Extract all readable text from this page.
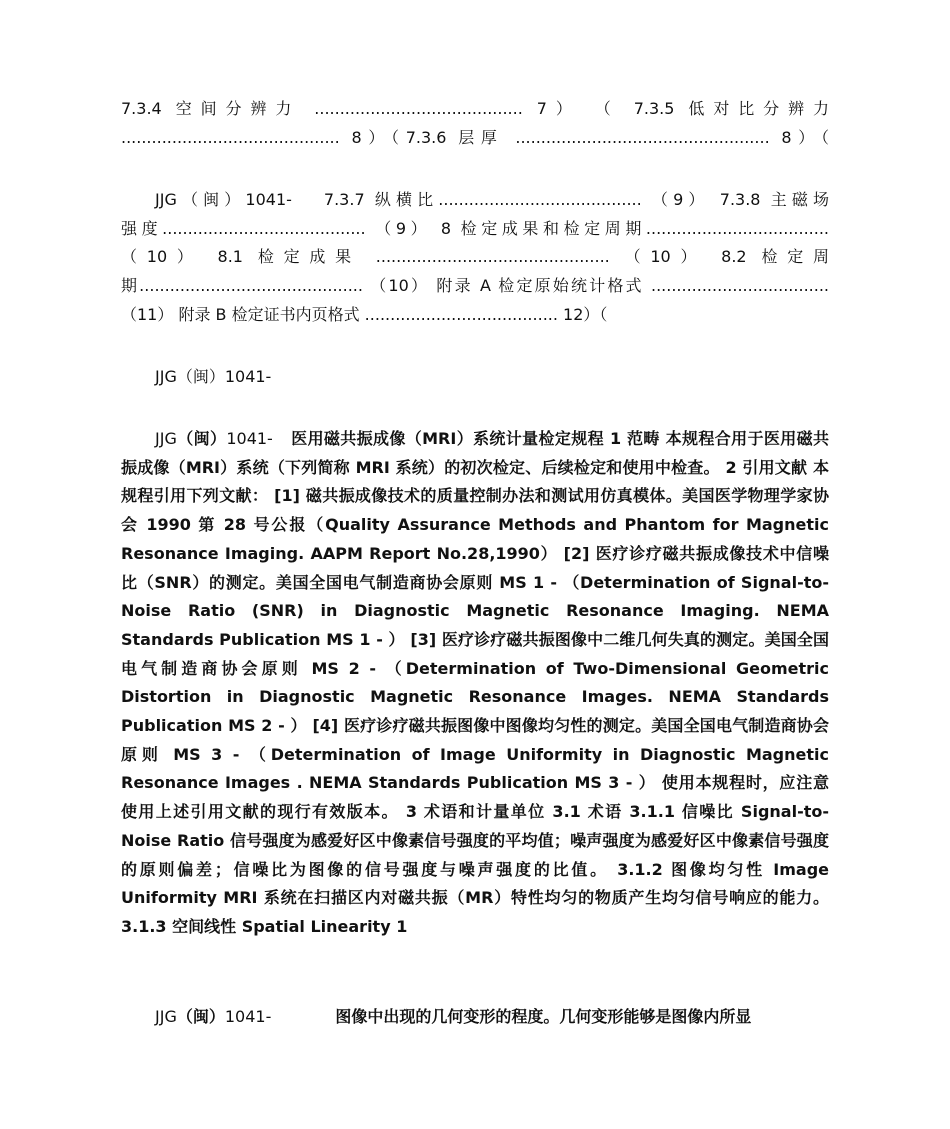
7.3.4 空间分辨力 ......................................... 7） （ 7.3.5 低对比分辨力
........................................... 8）（7.3.6 层厚 .................................................. 8）（
JJG（闽）1041- 7.3.7 纵横比........................................ （9） 7.3.8 主磁场
强度........................................ （9） 8 检定成果和检定周期....................................
（10） 8.1 检定成果 .............................................. （10） 8.2 检定周
期............................................ （10） 附录 A 检定原始统计格式 ...................................
（11） 附录 B 检定证书内页格式 ...................................... 12）（
JJG（闽）1041-
JJG（闽）1041- 医用磁共振成像（MRI）系统计量检定规程 1 范畴 本规程合用于医用磁共振成像（MRI）系统（下列简称 MRI 系统）的初次检定、后续检定和使用中检查。 2 引用文献 本规程引用下列文献： [1] 磁共振成像技术的质量控制办法和测试用仿真模体。美国医学物理学家协会 1990 第 28 号公报（Quality Assurance Methods and Phantom for Magnetic Resonance Imaging. AAPM Report No.28,1990） [2] 医疗诊疗磁共振成像技术中信噪比（SNR）的测定。美国全国电气制造商协会原则 MS 1 - （Determination of Signal-to-Noise Ratio (SNR) in Diagnostic Magnetic Resonance Imaging. NEMA Standards Publication MS 1 - ） [3] 医疗诊疗磁共振图像中二维几何失真的测定。美国全国电气制造商协会原则 MS 2 - （Determination of Two-Dimensional Geometric Distortion in Diagnostic Magnetic Resonance Images. NEMA Standards Publication MS 2 - ） [4] 医疗诊疗磁共振图像中图像均匀性的测定。美国全国电气制造商协会原则 MS 3 - （Determination of Image Uniformity in Diagnostic Magnetic Resonance Images . NEMA Standards Publication MS 3 - ） 使用本规程时，应注意使用上述引用文献的现行有效版本。 3 术语和计量单位 3.1 术语 3.1.1 信噪比 Signal-to-Noise Ratio 信号强度为感爱好区中像素信号强度的平均值；噪声强度为感爱好区中像素信号强度的原则偏差；信噪比为图像的信号强度与噪声强度的比值。 3.1.2 图像均匀性 Image Uniformity MRI 系统在扫描区内对磁共振（MR）特性均匀的物质产生均匀信号响应的能力。 3.1.3 空间线性 Spatial Linearity 1
JJG（闽）1041-	图像中出现的几何变形的程度。几何变形能够是图像内所显
